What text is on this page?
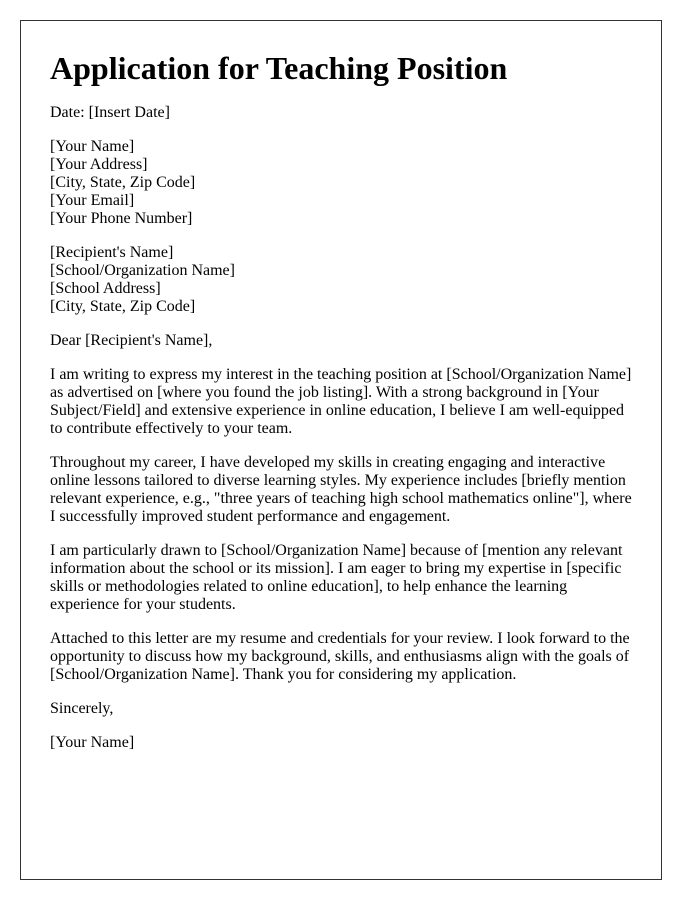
Application for Teaching Position

Date: [Insert Date]

[Your Name]
[Your Address]
[City, State, Zip Code]
[Your Email]
[Your Phone Number]
[Recipient's Name]
[School/Organization Name]
[School Address]
[City, State, Zip Code]

Dear [Recipient's Name],

I am writing to express my interest in the teaching position at [School/Organization Name] as advertised on [where you found the job listing]. With a strong background in [Your Subject/Field] and extensive experience in online education, I believe I am well-equipped to contribute effectively to your team.

Throughout my career, I have developed my skills in creating engaging and interactive online lessons tailored to diverse learning styles. My experience includes [briefly mention relevant experience, e.g., "three years of teaching high school mathematics online"], where I successfully improved student performance and engagement.

I am particularly drawn to [School/Organization Name] because of [mention any relevant information about the school or its mission]. I am eager to bring my expertise in [specific skills or methodologies related to online education], to help enhance the learning experience for your students.

Attached to this letter are my resume and credentials for your review. I look forward to the opportunity to discuss how my background, skills, and enthusiasms align with the goals of [School/Organization Name]. Thank you for considering my application.

Sincerely,

[Your Name]
